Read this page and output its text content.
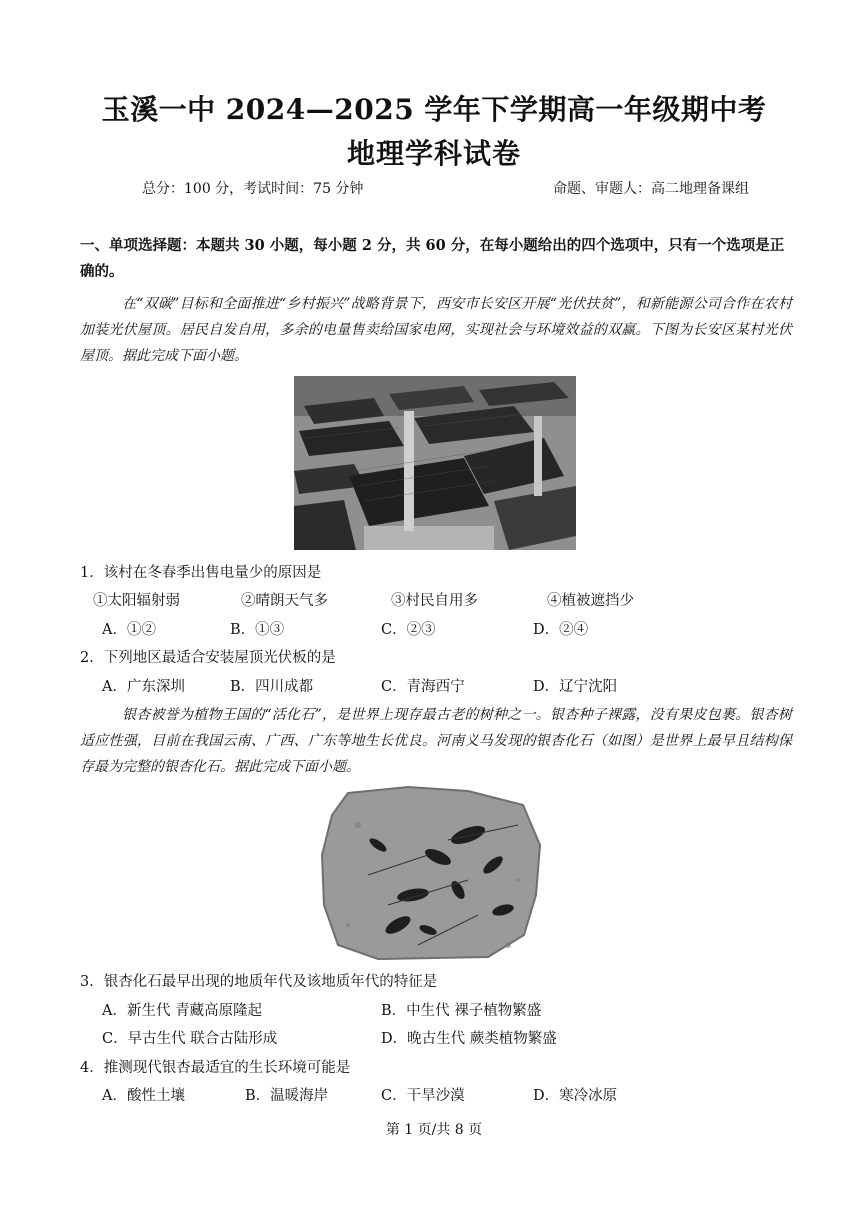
玉溪一中 2024—2025 学年下学期高一年级期中考
地理学科试卷
总分：100 分，考试时间：75 分钟	命题、审题人：高二地理备课组
一、单项选择题：本题共 30 小题，每小题 2 分，共 60 分，在每小题给出的四个选项中，只有一个选项是正确的。
在“双碳”目标和全面推进“乡村振兴”战略背景下，西安市长安区开展“光伏扶贫”，和新能源公司合作在农村加装光伏屋顶。居民自发自用，多余的电量售卖给国家电网，实现社会与环境效益的双赢。下图为长安区某村光伏屋顶。据此完成下面小题。
1．该村在冬春季出售电量少的原因是
①太阳辐射弱	②晴朗天气多	③村民自用多	④植被遮挡少
A．①②	B．①③	C．②③	D．②④
2．下列地区最适合安装屋顶光伏板的是
A．广东深圳	B．四川成都	C．青海西宁	D．辽宁沈阳
银杏被誉为植物王国的“活化石”，是世界上现存最古老的树种之一。银杏种子裸露，没有果皮包裹。银杏树适应性强，目前在我国云南、广西、广东等地生长优良。河南义马发现的银杏化石（如图）是世界上最早且结构保存最为完整的银杏化石。据此完成下面小题。
3．银杏化石最早出现的地质年代及该地质年代的特征是
A．新生代 青藏高原隆起	B．中生代 裸子植物繁盛
C．早古生代 联合古陆形成	D．晚古生代 蕨类植物繁盛
4．推测现代银杏最适宜的生长环境可能是
A．酸性土壤	B．温暖海岸	C．干旱沙漠	D．寒冷冰原
第 1 页/共 8 页
